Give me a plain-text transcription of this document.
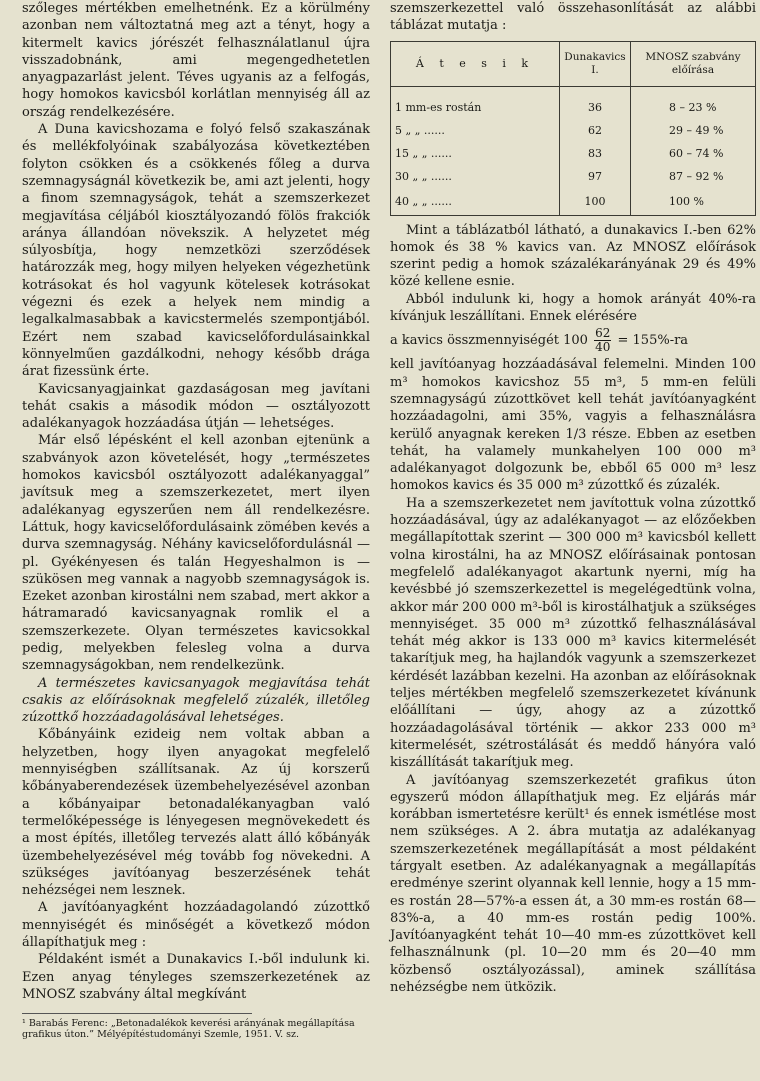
szőleges mértékben emelhetnénk. Ez a körülmény azonban nem változtatná meg azt a tényt, hogy a kitermelt kavics jórészét felhasználatlanul újra visszadobnánk, ami megengedhetetlen anyagpazarlást jelent. Téves ugyanis az a felfogás, hogy homokos kavicsból korlátlan mennyiség áll az ország rendelkezésére.

A Duna kavicshozama e folyó felső szakaszának és mellékfolyóinak szabályozása következtében folyton csökken és a csökkenés főleg a durva szemnagyságnál következik be, ami azt jelenti, hogy a finom szemnagyságok, tehát a szemszerkezet megjavítása céljából kiosztályozandó fölös frakciók aránya állandóan növekszik. A helyzetet még súlyosbítja, hogy nemzetközi szerződések határozzák meg, hogy milyen helyeken végezhetünk kotrásokat és hol vagyunk kötelesek kotrásokat végezni és ezek a helyek nem mindig a legalkalmasabbak a kavicstermelés szempontjából. Ezért nem szabad kavicselőfordulásainkkal könnyelműen gazdálkodni, nehogy később drága árat fizessünk érte.

Kavicsanyagjainkat gazdaságosan meg javítani tehát csakis a második módon — osztályozott adalékanyagok hozzáadása útján — lehetséges.

Már első lépésként el kell azonban ejtenünk a szabványok azon követelését, hogy „természetes homokos kavicsból osztályozott adalékanyaggal” javítsuk meg a szemszerkezetet, mert ilyen adalékanyag egyszerűen nem áll rendelkezésre. Láttuk, hogy kavicselőfordulásaink zömében kevés a durva szemnagyság. Néhány kavicselőfordulásnál — pl. Gyékényesen és talán Hegyeshalmon is — szükösen meg vannak a nagyobb szemnagyságok is. Ezeket azonban kirostálni nem szabad, mert akkor a hátramaradó kavicsanyagnak romlik el a szemszerkezete. Olyan természetes kavicsokkal pedig, melyekben felesleg volna a durva szemnagyságokban, nem rendelkezünk.

A természetes kavicsanyagok megjavítása tehát csakis az előírásoknak megfelelő zúzalék, illetőleg zúzottkő hozzáadagolásával lehetséges.

Kőbányáink ezideig nem voltak abban a helyzetben, hogy ilyen anyagokat megfelelő mennyiségben szállítsanak. Az új korszerű kőbányaberendezések üzembehelyezésével azonban a kőbányaipar betonadalékanyagban való termelőképessége is lényegesen megnövekedett és a most építés, illetőleg tervezés alatt álló kőbányák üzembehelyezésével még tovább fog növekedni. A szükséges javítóanyag beszerzésének tehát nehézségei nem lesznek.

A javítóanyagként hozzáadagolandó zúzottkő mennyiségét és minőségét a következő módon állapíthatjuk meg :

Példaként ismét a Dunakavics I.-ből indulunk ki. Ezen anyag tényleges szemszerkezetének az MNOSZ szabvány által megkívánt

¹ Barabás Ferenc: „Betonadalékok keverési arányának megállapítása grafikus úton.” Mélyépítéstudományi Szemle, 1951. V. sz.

szemszerkezettel való összehasonlítását az alábbi táblázat mutatja :

Á t e s i k	Dunakavics I.	MNOSZ szabvány előírása
1 mm-es rostán	36	8 – 23 %
5 „ „ ......	62	29 – 49 %
15 „ „ ......	83	60 – 74 %
30 „ „ ......	97	87 – 92 %
40 „ „ ......	100	100 %

Mint a táblázatból látható, a dunakavics I.-ben 62% homok és 38 % kavics van. Az MNOSZ előírások szerint pedig a homok százalékarányának 29 és 49% közé kellene esnie.

Abból indulunk ki, hogy a homok arányát 40%-ra kívánjuk leszállítani. Ennek elérésére

a kavics összmennyiségét $100 \frac{62}{40} = 155\%-ra$

kell javítóanyag hozzáadásával felemelni. Minden 100 m³ homokos kavicshoz 55 m³, 5 mm-en felüli szemnagyságú zúzottkövet kell tehát javítóanyagként hozzáadagolni, ami 35%, vagyis a felhasználásra kerülő anyagnak kereken 1/3 része. Ebben az esetben tehát, ha valamely munkahelyen 100 000 m³ adalékanyagot dolgozunk be, ebből 65 000 m³ lesz homokos kavics és 35 000 m³ zúzottkő és zúzalék.

Ha a szemszerkezetet nem javítottuk volna zúzottkő hozzáadásával, úgy az adalékanyagot — az előzőekben megállapítottak szerint — 300 000 m³ kavicsból kellett volna kirostálni, ha az MNOSZ előírásainak pontosan megfelelő adalékanyagot akartunk nyerni, míg ha kevésbbé jó szemszerkezettel is megelégedtünk volna, akkor már 200 000 m³-ből is kirostálhatjuk a szükséges mennyiséget. 35 000 m³ zúzottkő felhasználásával tehát még akkor is 133 000 m³ kavics kitermelését takarítjuk meg, ha hajlandók vagyunk a szemszerkezet kérdését lazábban kezelni. Ha azonban az előírásoknak teljes mértékben megfelelő szemszerkezetet kívánunk előállítani — úgy, ahogy az a zúzottkő hozzáadagolásával történik — akkor 233 000 m³ kitermelését, szétrostálását és meddő hányóra való kiszállítását takarítjuk meg.

A javítóanyag szemszerkezetét grafikus úton egyszerű módon állapíthatjuk meg. Ez eljárás már korábban ismertetésre került¹ és ennek ismétlése most nem szükséges. A 2. ábra mutatja az adalékanyag szemszerkezetének megállapítását a most példaként tárgyalt esetben. Az adalékanyagnak a megállapítás eredménye szerint olyannak kell lennie, hogy a 15 mm-es rostán 28—57%-a essen át, a 30 mm-es rostán 68—83%-a, a 40 mm-es rostán pedig 100%. Javítóanyagként tehát 10—40 mm-es zúzottkövet kell felhasználnunk (pl. 10—20 mm és 20—40 mm közbenső osztályozással), aminek szállítása nehézségbe nem ütközik.
